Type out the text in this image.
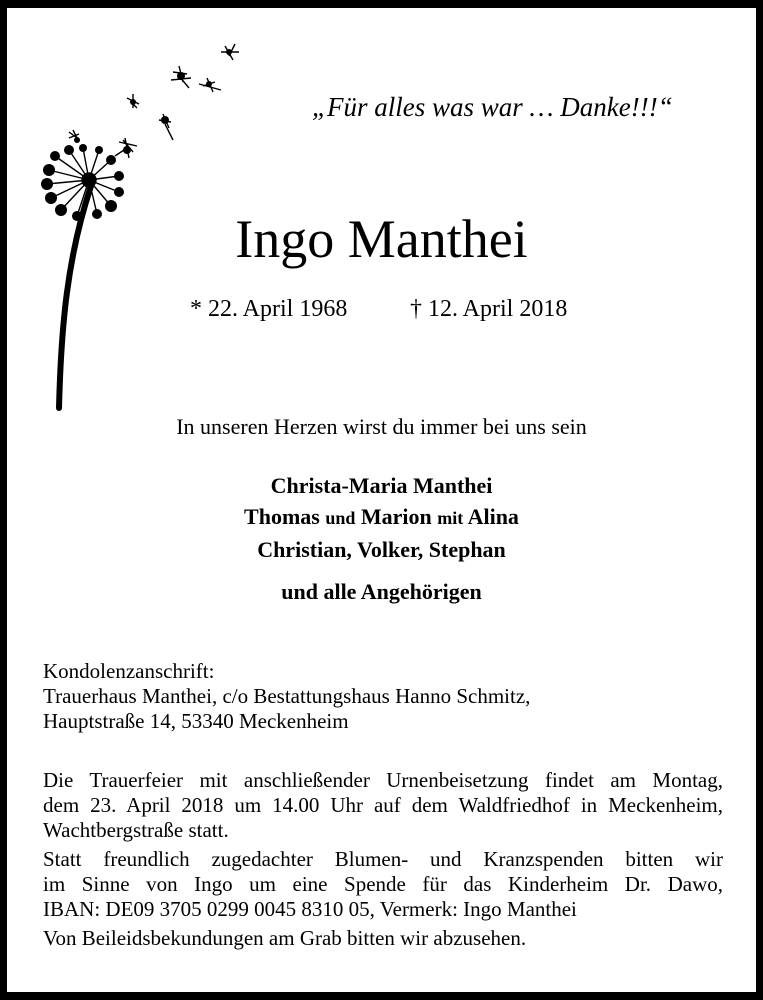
„Für alles was war … Danke!!!“
Ingo Manthei
* 22. April 1968	† 12. April 2018
In unseren Herzen wirst du immer bei uns sein
Christa-Maria Manthei
Thomas und Marion mit Alina
Christian, Volker, Stephan
und alle Angehörigen
Kondolenzanschrift:
Trauerhaus Manthei, c/o Bestattungshaus Hanno Schmitz,
Hauptstraße 14, 53340 Meckenheim
Die Trauerfeier mit anschließender Urnenbeisetzung findet am Montag,
dem 23. April 2018 um 14.00 Uhr auf dem Waldfriedhof in Meckenheim,
Wachtbergstraße statt.
Statt freundlich zugedachter Blumen- und Kranzspenden bitten wir
im Sinne von Ingo um eine Spende für das Kinderheim Dr. Dawo,
IBAN: DE09 3705 0299 0045 8310 05, Vermerk: Ingo Manthei
Von Beileidsbekundungen am Grab bitten wir abzusehen.
